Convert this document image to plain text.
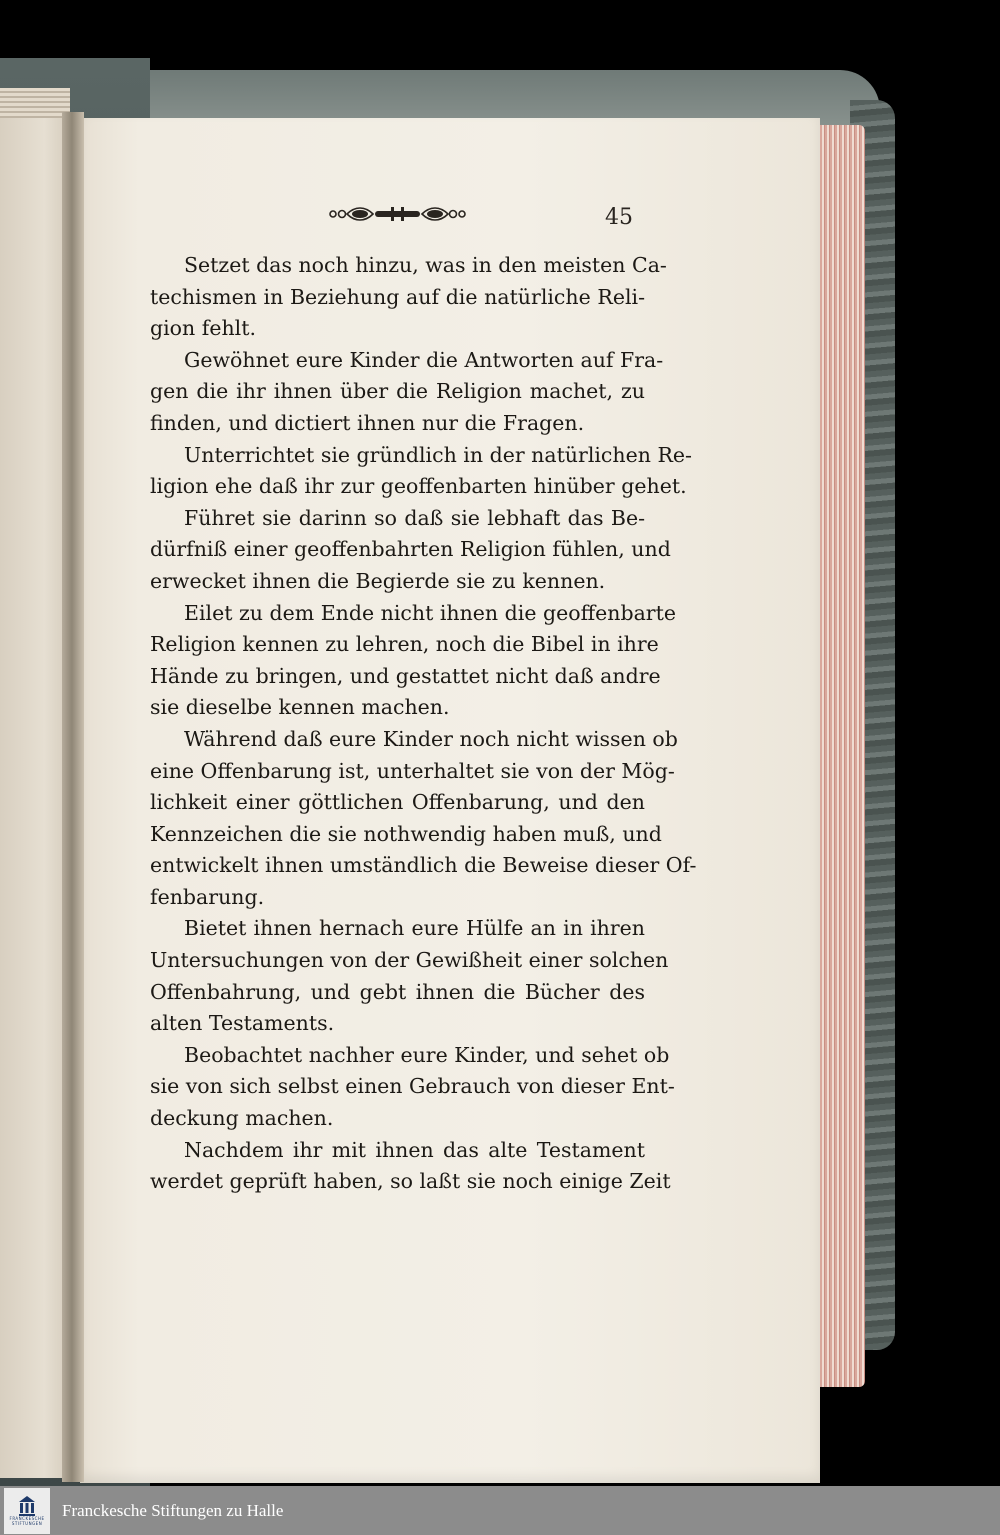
45
Setzet das noch hinzu, was in den meisten Ca-
techismen in Beziehung auf die natürliche Reli-
gion fehlt.
Gewöhnet eure Kinder die Antworten auf Fra-
gen die ihr ihnen über die Religion machet, zu
finden, und dictiert ihnen nur die Fragen.
Unterrichtet sie gründlich in der natürlichen Re-
ligion ehe daß ihr zur geoffenbarten hinüber gehet.
Führet sie darinn so daß sie lebhaft das Be-
dürfniß einer geoffenbahrten Religion fühlen, und
erwecket ihnen die Begierde sie zu kennen.
Eilet zu dem Ende nicht ihnen die geoffenbarte
Religion kennen zu lehren, noch die Bibel in ihre
Hände zu bringen, und gestattet nicht daß andre
sie dieselbe kennen machen.
Während daß eure Kinder noch nicht wissen ob
eine Offenbarung ist, unterhaltet sie von der Mög-
lichkeit einer göttlichen Offenbarung, und den
Kennzeichen die sie nothwendig haben muß, und
entwickelt ihnen umständlich die Beweise dieser Of-
fenbarung.
Bietet ihnen hernach eure Hülfe an in ihren
Untersuchungen von der Gewißheit einer solchen
Offenbahrung, und gebt ihnen die Bücher des
alten Testaments.
Beobachtet nachher eure Kinder, und sehet ob
sie von sich selbst einen Gebrauch von dieser Ent-
deckung machen.
Nachdem ihr mit ihnen das alte Testament
werdet geprüft haben, so laßt sie noch einige Zeit
FRANCKESCHE STIFTUNGEN
Franckesche Stiftungen zu Halle
